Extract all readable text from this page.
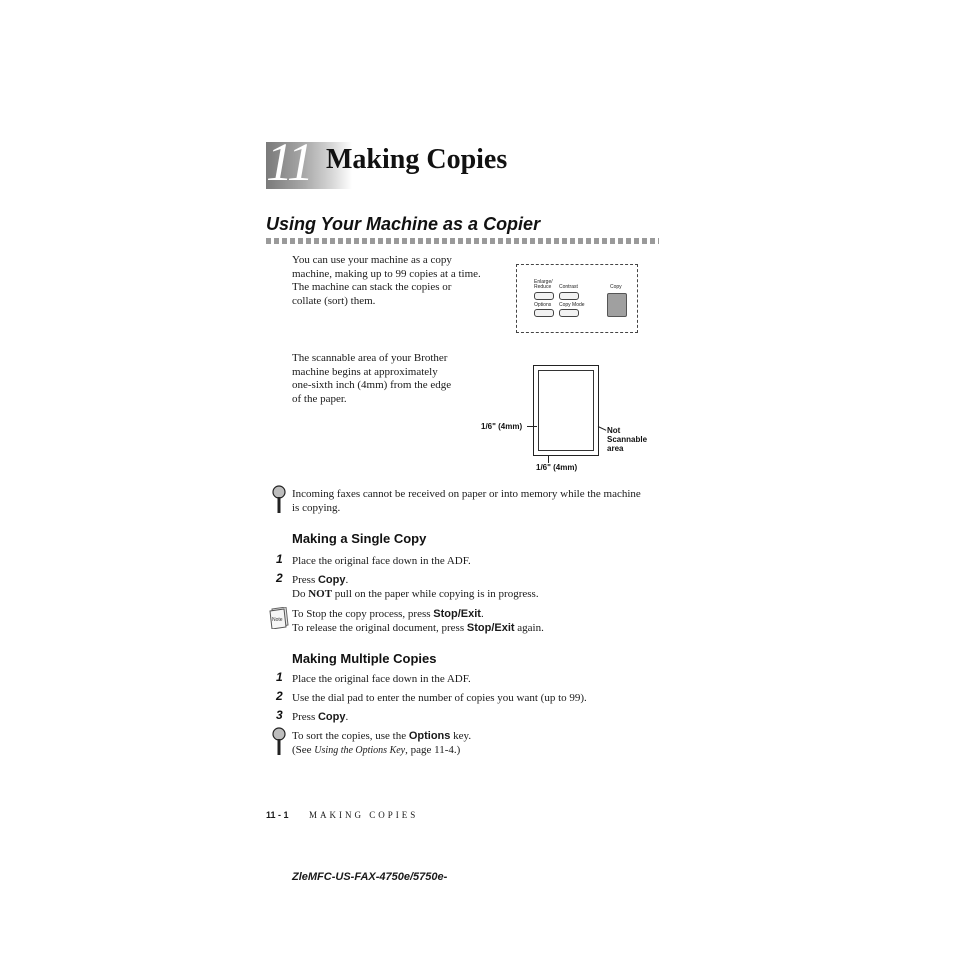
11 Making Copies
Using Your Machine as a Copier
You can use your machine as a copy
machine, making up to 99 copies at a time.
The machine can stack the copies or
collate (sort) them.
Enlarge/
Reduce Contrast
Options Copy Mode
Copy
The scannable area of your Brother
machine begins at approximately
one-sixth inch (4mm) from the edge
of the paper.
1/6" (4mm)
1/6" (4mm)
Not
Scannable
area
Incoming faxes cannot be received on paper or into memory while the machine
is copying.
Making a Single Copy
1 Place the original face down in the ADF.
2 Press Copy.
Do NOT pull on the paper while copying is in progress.
Note To Stop the copy process, press Stop/Exit.
To release the original document, press Stop/Exit again.
Making Multiple Copies
1 Place the original face down in the ADF.
2 Use the dial pad to enter the number of copies you want (up to 99).
3 Press Copy.
To sort the copies, use the Options key.
(See Using the Options Key, page 11-4.)
11 - 1 MAKING COPIES
ZleMFC-US-FAX-4750e/5750e-
